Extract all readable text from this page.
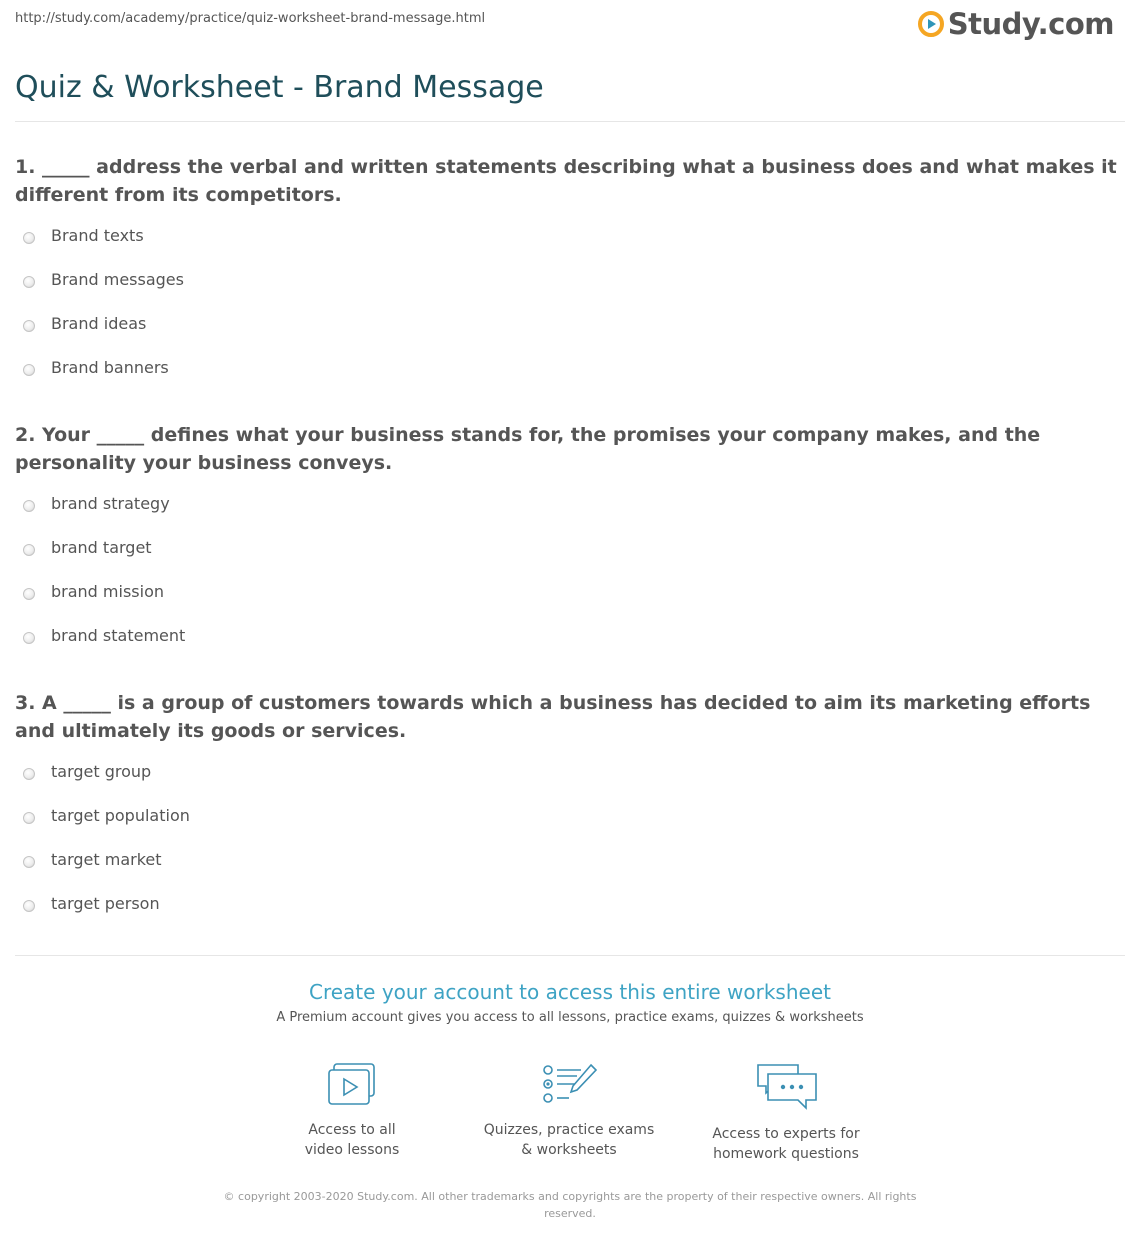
http://study.com/academy/practice/quiz-worksheet-brand-message.html	Study.com
Quiz & Worksheet - Brand Message

1. _____ address the verbal and written statements describing what a business does and what makes it different from its competitors.

Brand texts
Brand messages
Brand ideas
Brand banners

2. Your _____ defines what your business stands for, the promises your company makes, and the personality your business conveys.

brand strategy
brand target
brand mission
brand statement

3. A _____ is a group of customers towards which a business has decided to aim its marketing efforts and ultimately its goods or services.

target group
target population
target market
target person

Create your account to access this entire worksheet

A Premium account gives you access to all lessons, practice exams, quizzes & worksheets
Access to all
video lessons
Quizzes, practice exams
& worksheets
Access to experts for
homework questions
© copyright 2003-2020 Study.com. All other trademarks and copyrights are the property of their respective owners. All rights reserved.
